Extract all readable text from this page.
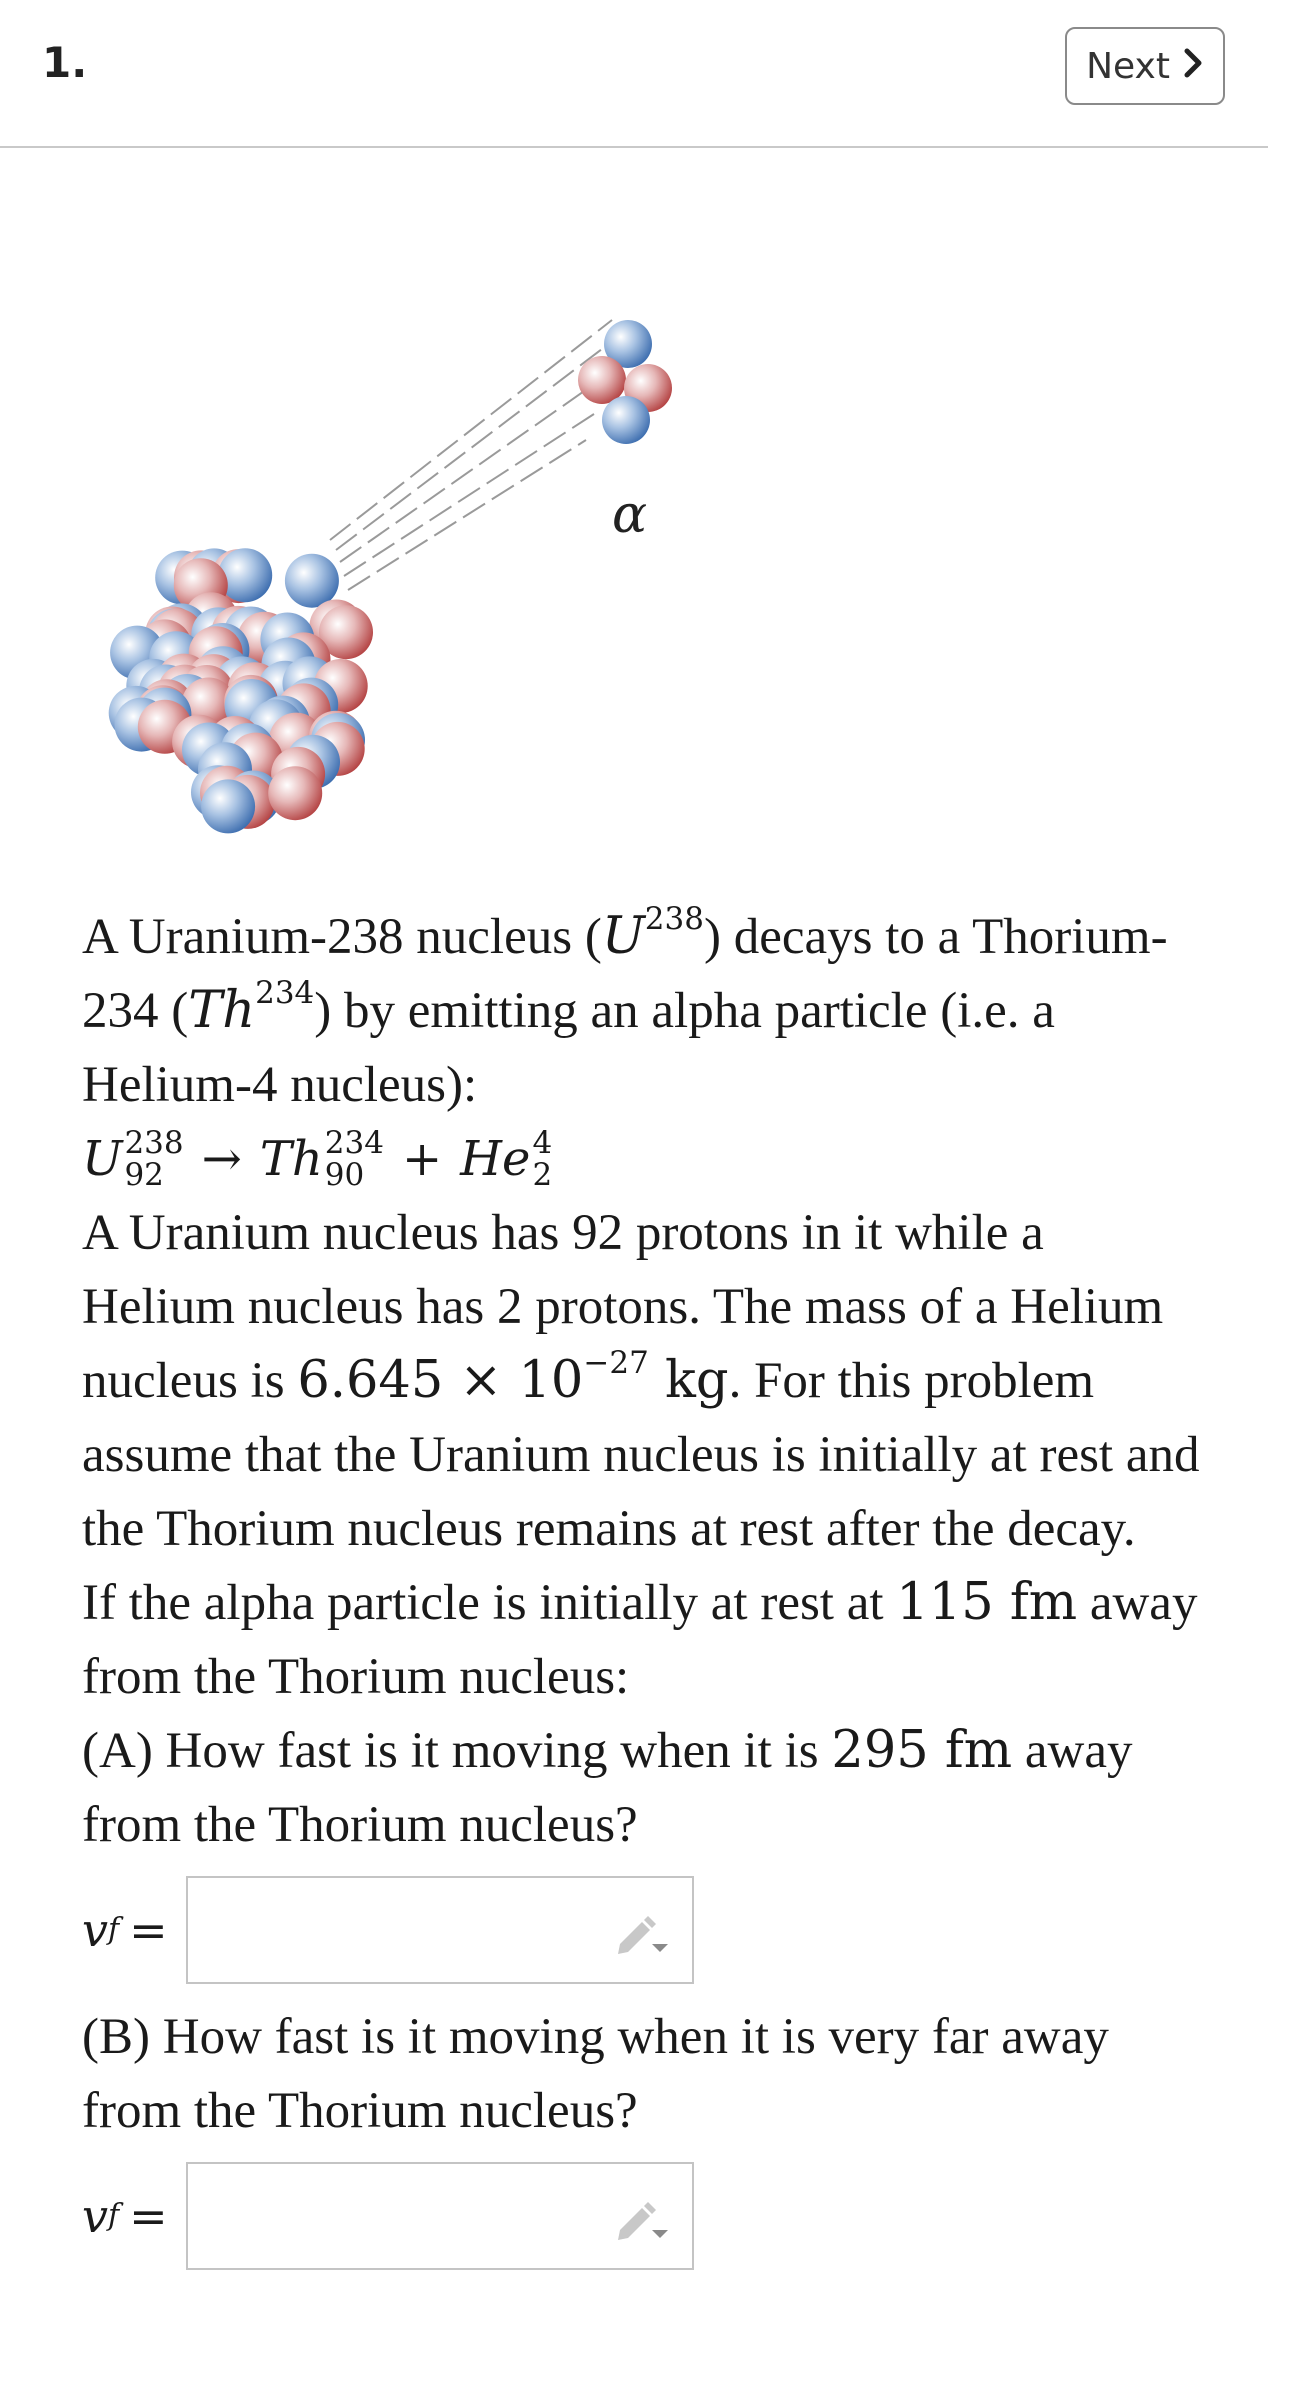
1.	Next
α

A Uranium-238 nucleus $(U^{238})$ decays to a Thorium-234 (Th$^{234}$) by emitting an alpha particle (i.e. a Helium-4 nucleus):

U 238
92 → Th 234
90 + He 4
2

A Uranium nucleus has 92 protons in it while a Helium nucleus has 2 protons. The mass of a Helium nucleus is $6.645 \times 10^{-27}$ kg. For this problem assume that the Uranium nucleus is initially at rest and the Thorium nucleus remains at rest after the decay.

If the alpha particle is initially at rest at 115 fm away from the Thorium nucleus:

(A) How fast is it moving when it is 295 fm away from the Thorium nucleus?

v f =

(B) How fast is it moving when it is very far away from the Thorium nucleus?

v f =
